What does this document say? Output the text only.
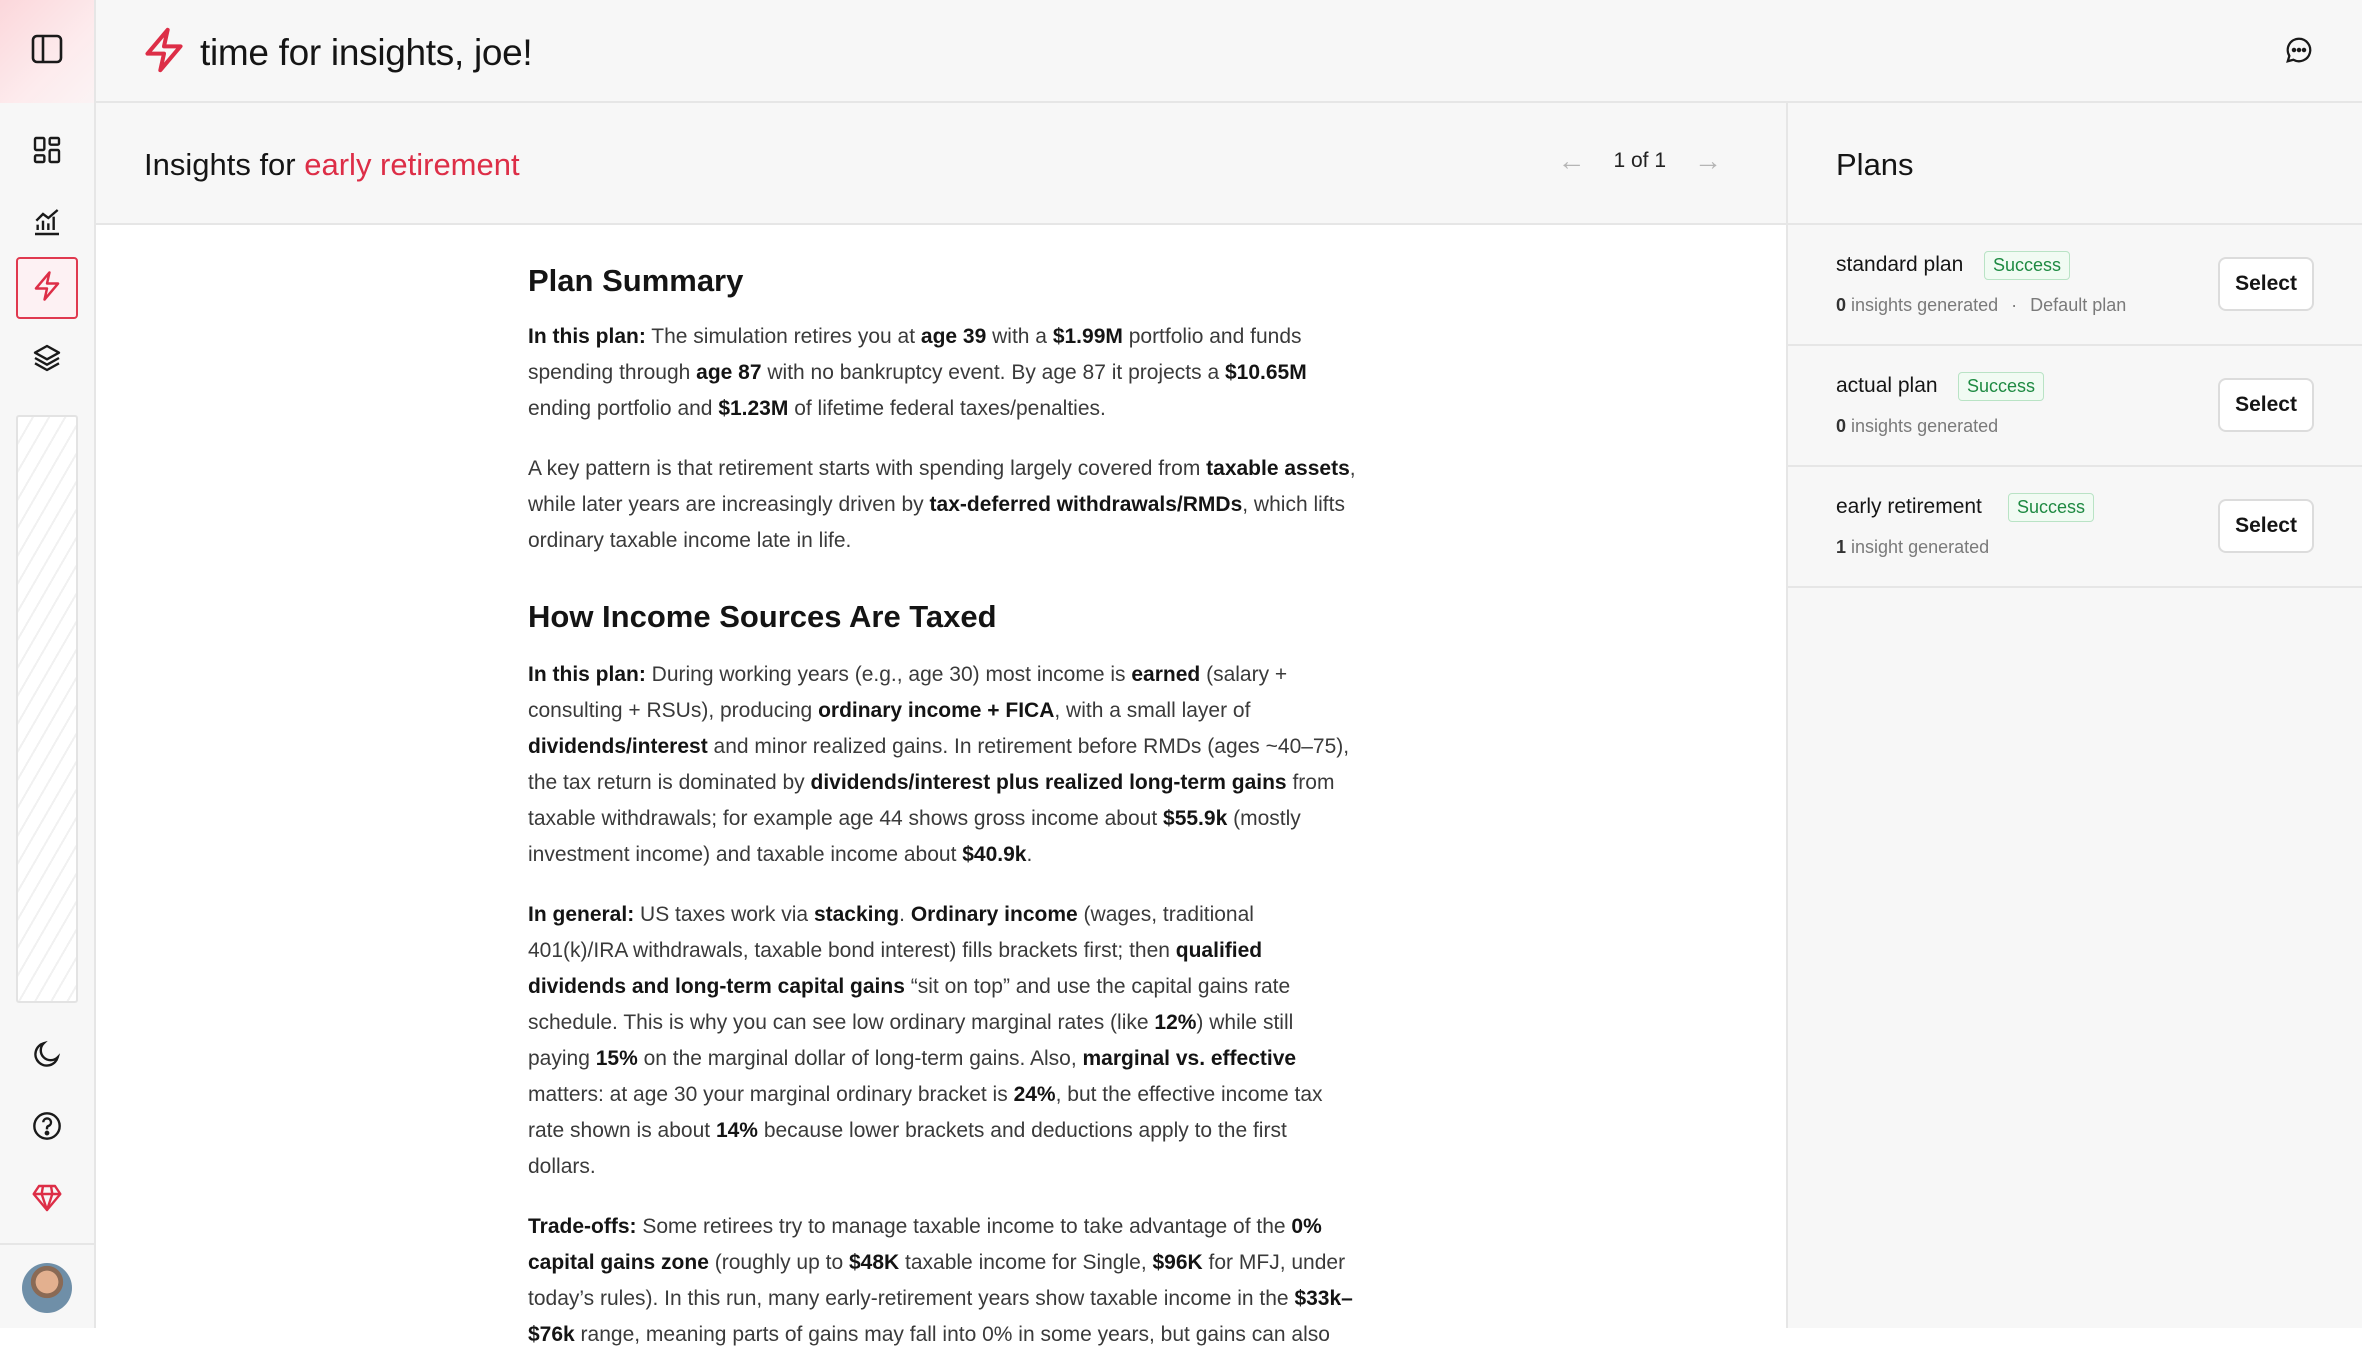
time for insights, joe!
Insights for early retirement	← 1 of 1 →
Plan Summary

In this plan: The simulation retires you at age 39 with a $1.99M portfolio and funds spending through age 87 with no bankruptcy event. By age 87 it projects a $10.65M ending portfolio and $1.23M of lifetime federal taxes/penalties.

A key pattern is that retirement starts with spending largely covered from taxable assets, while later years are increasingly driven by tax-deferred withdrawals/RMDs, which lifts ordinary taxable income late in life.

How Income Sources Are Taxed

In this plan: During working years (e.g., age 30) most income is earned (salary + consulting + RSUs), producing ordinary income + FICA, with a small layer of dividends/interest and minor realized gains. In retirement before RMDs (ages ~40–75), the tax return is dominated by dividends/interest plus realized long-term gains from taxable withdrawals; for example age 44 shows gross income about $55.9k (mostly investment income) and taxable income about $40.9k.

In general: US taxes work via stacking. Ordinary income (wages, traditional 401(k)/IRA withdrawals, taxable bond interest) fills brackets first; then qualified dividends and long-term capital gains “sit on top” and use the capital gains rate schedule. This is why you can see low ordinary marginal rates (like 12%) while still paying 15% on the marginal dollar of long-term gains. Also, marginal vs. effective matters: at age 30 your marginal ordinary bracket is 24%, but the effective income tax rate shown is about 14% because lower brackets and deductions apply to the first dollars.

Trade-offs: Some retirees try to manage taxable income to take advantage of the 0% capital gains zone (roughly up to $48K taxable income for Single, $96K for MFJ, under today’s rules). In this run, many early-retirement years show taxable income in the $33k–$76k range, meaning parts of gains may fall into 0% in some years, but gains can also

Plans
standard plan	Success
0 insights generated · Default plan
Select
actual plan	Success
0 insights generated
Select
early retirement	Success
1 insight generated
Select
